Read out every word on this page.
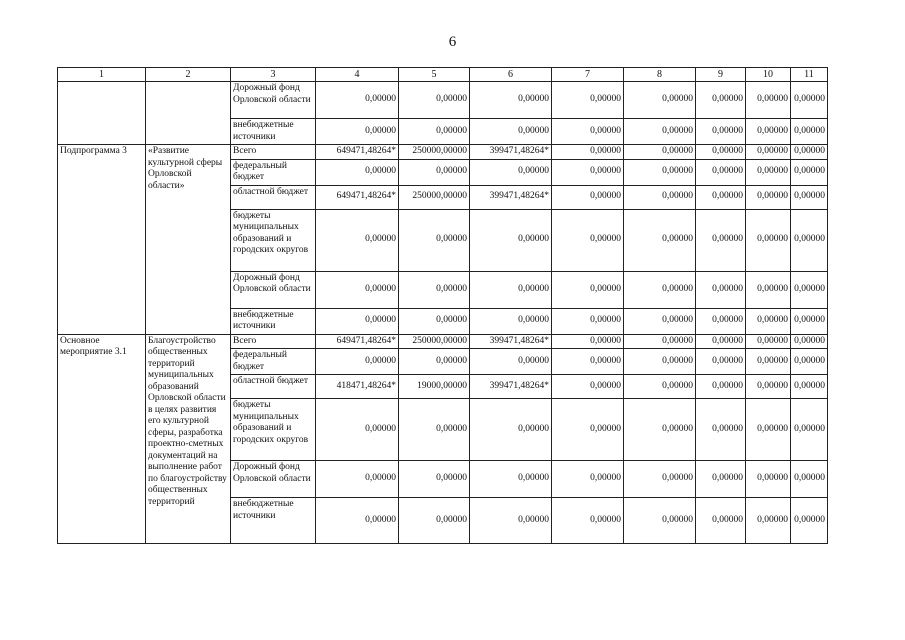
6
1	2	3	4	5	6	7	8	9	10	11
		Дорожный фонд Орловской области	0,00000	0,00000	0,00000	0,00000	0,00000	0,00000	0,00000	0,00000
		внебюджетные источники	0,00000	0,00000	0,00000	0,00000	0,00000	0,00000	0,00000	0,00000
Подпрограмма 3	«Развитие культурной сферы Орловской области»	Всего	649471,48264*	250000,00000	399471,48264*	0,00000	0,00000	0,00000	0,00000	0,00000
		федеральный бюджет	0,00000	0,00000	0,00000	0,00000	0,00000	0,00000	0,00000	0,00000
		областной бюджет	649471,48264*	250000,00000	399471,48264*	0,00000	0,00000	0,00000	0,00000	0,00000
		бюджеты муниципальных образований и городских округов	0,00000	0,00000	0,00000	0,00000	0,00000	0,00000	0,00000	0,00000
		Дорожный фонд Орловской области	0,00000	0,00000	0,00000	0,00000	0,00000	0,00000	0,00000	0,00000
		внебюджетные источники	0,00000	0,00000	0,00000	0,00000	0,00000	0,00000	0,00000	0,00000
Основное мероприятие 3.1	Благоустройство общественных территорий муниципальных образований Орловской области в целях развития его культурной сферы, разработка проектно-сметных документаций на выполнение работ по благоустройству общественных территорий	Всего	649471,48264*	250000,00000	399471,48264*	0,00000	0,00000	0,00000	0,00000	0,00000
		федеральный бюджет	0,00000	0,00000	0,00000	0,00000	0,00000	0,00000	0,00000	0,00000
		областной бюджет	418471,48264*	19000,00000	399471,48264*	0,00000	0,00000	0,00000	0,00000	0,00000
		бюджеты муниципальных образований и городских округов	0,00000	0,00000	0,00000	0,00000	0,00000	0,00000	0,00000	0,00000
		Дорожный фонд Орловской области	0,00000	0,00000	0,00000	0,00000	0,00000	0,00000	0,00000	0,00000
		внебюджетные источники	0,00000	0,00000	0,00000	0,00000	0,00000	0,00000	0,00000	0,00000
